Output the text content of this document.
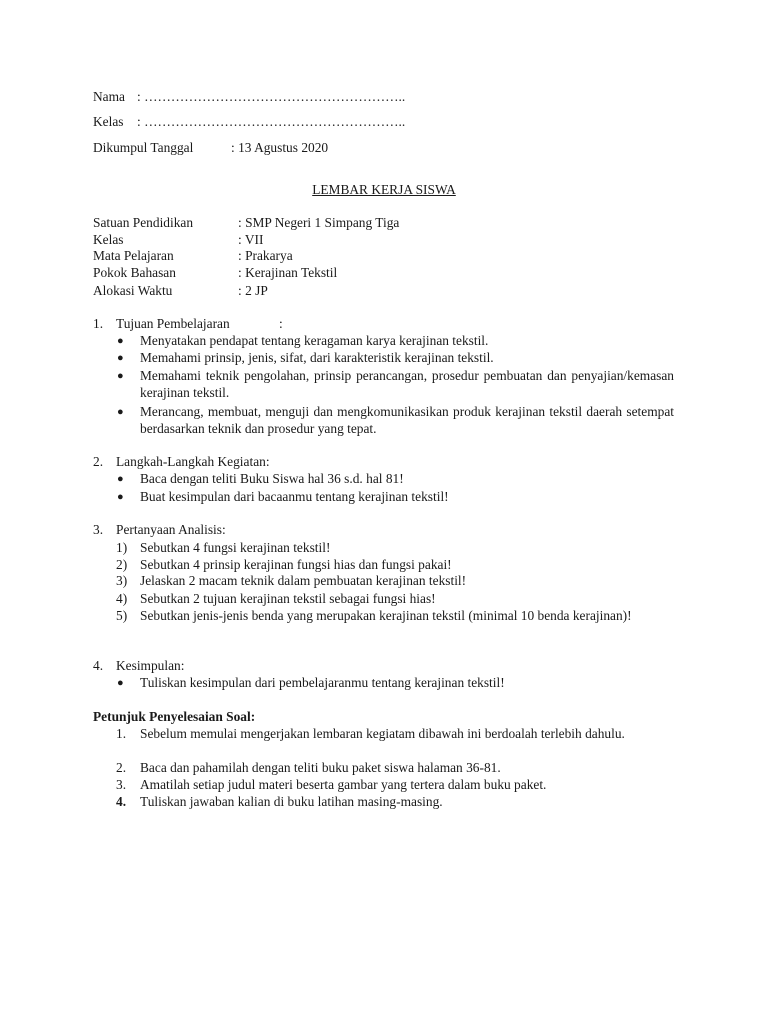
Nama : …………………………………………………..
Kelas : …………………………………………………..
Dikumpul Tanggal	: 13 Agustus 2020
LEMBAR KERJA SISWA
Satuan Pendidikan	: SMP Negeri 1 Simpang Tiga
Kelas	: VII
Mata Pelajaran	: Prakarya
Pokok Bahasan	: Kerajinan Tekstil
Alokasi Waktu	: 2 JP
1. Tujuan Pembelajaran	:
● Menyatakan pendapat tentang keragaman karya kerajinan tekstil.
● Memahami prinsip, jenis, sifat, dari karakteristik kerajinan tekstil.
● Memahami teknik pengolahan, prinsip perancangan, prosedur pembuatan dan penyajian/kemasan kerajinan tekstil.
● Merancang, membuat, menguji dan mengkomunikasikan produk kerajinan tekstil daerah setempat berdasarkan teknik dan prosedur yang tepat.
2. Langkah-Langkah Kegiatan:
● Baca dengan teliti Buku Siswa hal 36 s.d. hal 81!
● Buat kesimpulan dari bacaanmu tentang kerajinan tekstil!
3. Pertanyaan Analisis:
1) Sebutkan 4 fungsi kerajinan tekstil!
2) Sebutkan 4 prinsip kerajinan fungsi hias dan fungsi pakai!
3) Jelaskan 2 macam teknik dalam pembuatan kerajinan tekstil!
4) Sebutkan 2 tujuan kerajinan tekstil sebagai fungsi hias!
5) Sebutkan jenis-jenis benda yang merupakan kerajinan tekstil (minimal 10 benda kerajinan)!
4. Kesimpulan:
● Tuliskan kesimpulan dari pembelajaranmu tentang kerajinan tekstil!
Petunjuk Penyelesaian Soal:
1. Sebelum memulai mengerjakan lembaran kegiatam dibawah ini berdoalah terlebih dahulu.
2. Baca dan pahamilah dengan teliti buku paket siswa halaman 36-81.
3. Amatilah setiap judul materi beserta gambar yang tertera dalam buku paket.
4. Tuliskan jawaban kalian di buku latihan masing-masing.
